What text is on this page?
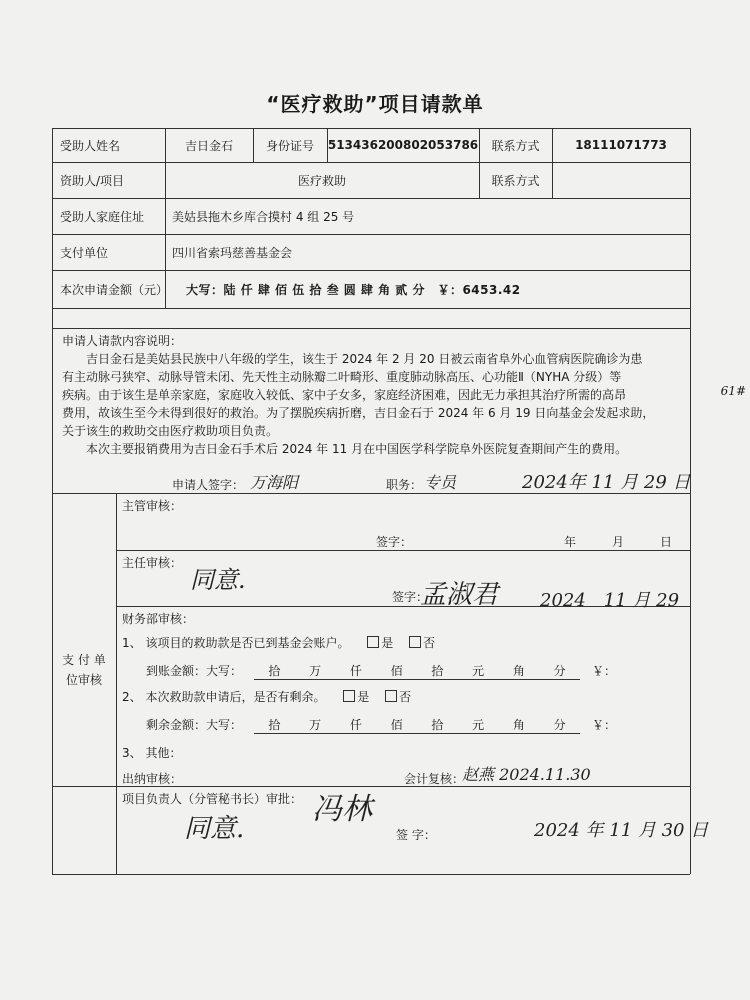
“医疗救助”项目请款单
受助人姓名	吉日金石	身份证号	513436200802053786	联系方式	18111071773
资助人/项目	医疗救助	联系方式
受助人家庭住址	美姑县拖木乡库合摸村 4 组 25 号
支付单位	四川省索玛慈善基金会
本次申请金额（元）	大写：陆 仟 肆 佰 伍 拾 叁 圆 肆 角 贰 分　￥：6453.42
申请人请款内容说明：
吉日金石是美姑县民族中八年级的学生，该生于 2024 年 2 月 20 日被云南省阜外心血管病医院确诊为患
有主动脉弓狭窄、动脉导管未闭、先天性主动脉瓣二叶畸形、重度肺动脉高压、心功能Ⅱ（NYHA 分级）等
疾病。由于该生是单亲家庭，家庭收入较低、家中子女多，家庭经济困难，因此无力承担其治疗所需的高昂
费用，故该生至今未得到很好的救治。为了摆脱疾病折磨，吉日金石于 2024 年 6 月 19 日向基金会发起求助，
关于该生的救助交由医疗救助项目负责。
本次主要报销费用为吉日金石手术后 2024 年 11 月在中国医学科学院阜外医院复查期间产生的费用。
申请人签字： 万海阳	职务： 专员	2024年 11 月 29 日
支 付 单 位审核
主管审核：
签字：	年　　　月　　　日
主任审核：
同意.
签字：
孟淑君 2024　11 月 29
财务部审核：
1、 该项目的救助款是否已到基金会账户。	是 否
到账金额：大写： 拾 万 仟 佰 拾 元 角 分 ￥：
2、 本次救助款申请后，是否有剩余。	是 否
剩余金额：大写： 拾 万 仟 佰 拾 元 角 分 ￥：
3、 其他：
出纳审核：	会计复核：
赵燕 2024.11.30
项目负责人（分管秘书长）审批：
同意.
冯林
签 字：	2024 年 11 月 30 日
61#
